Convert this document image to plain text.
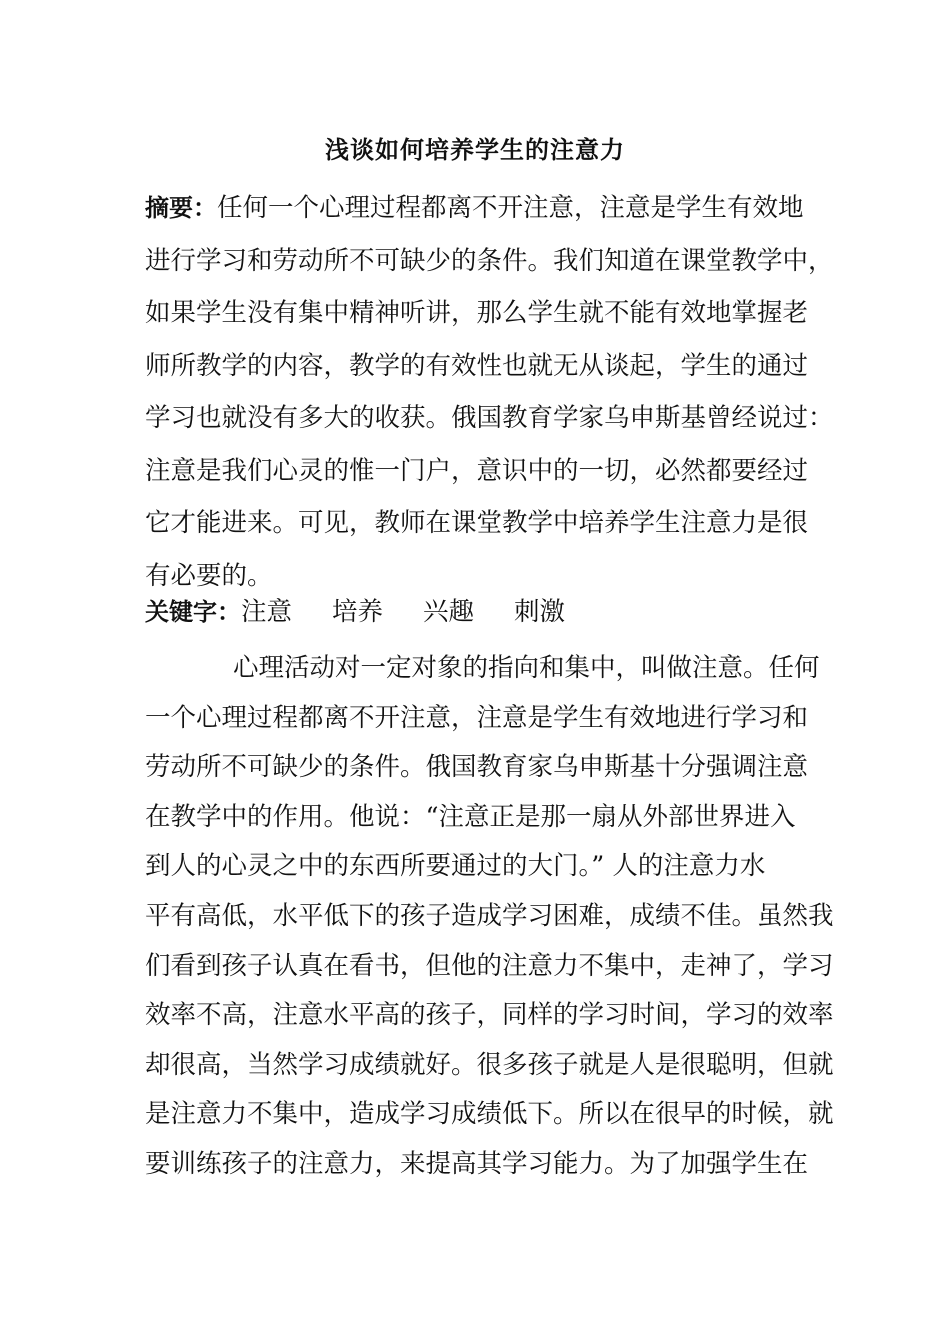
浅谈如何培养学生的注意力
摘要：任何一个心理过程都离不开注意，注意是学生有效地
进行学习和劳动所不可缺少的条件。我们知道在课堂教学中，
如果学生没有集中精神听讲，那么学生就不能有效地掌握老
师所教学的内容，教学的有效性也就无从谈起，学生的通过
学习也就没有多大的收获。俄国教育学家乌申斯基曾经说过：
注意是我们心灵的惟一门户，意识中的一切，必然都要经过
它才能进来。可见，教师在课堂教学中培养学生注意力是很
有必要的。
关键字：注意 培养 兴趣 刺激
心理活动对一定对象的指向和集中，叫做注意。任何
一个心理过程都离不开注意，注意是学生有效地进行学习和
劳动所不可缺少的条件。俄国教育家乌申斯基十分强调注意
在教学中的作用。他说：“注意正是那一扇从外部世界进入
到人的心灵之中的东西所要通过的大门。” 人的注意力水
平有高低，水平低下的孩子造成学习困难，成绩不佳。虽然我
们看到孩子认真在看书，但他的注意力不集中，走神了，学习
效率不高，注意水平高的孩子，同样的学习时间，学习的效率
却很高，当然学习成绩就好。很多孩子就是人是很聪明，但就
是注意力不集中，造成学习成绩低下。所以在很早的时候，就
要训练孩子的注意力，来提高其学习能力。为了加强学生在
